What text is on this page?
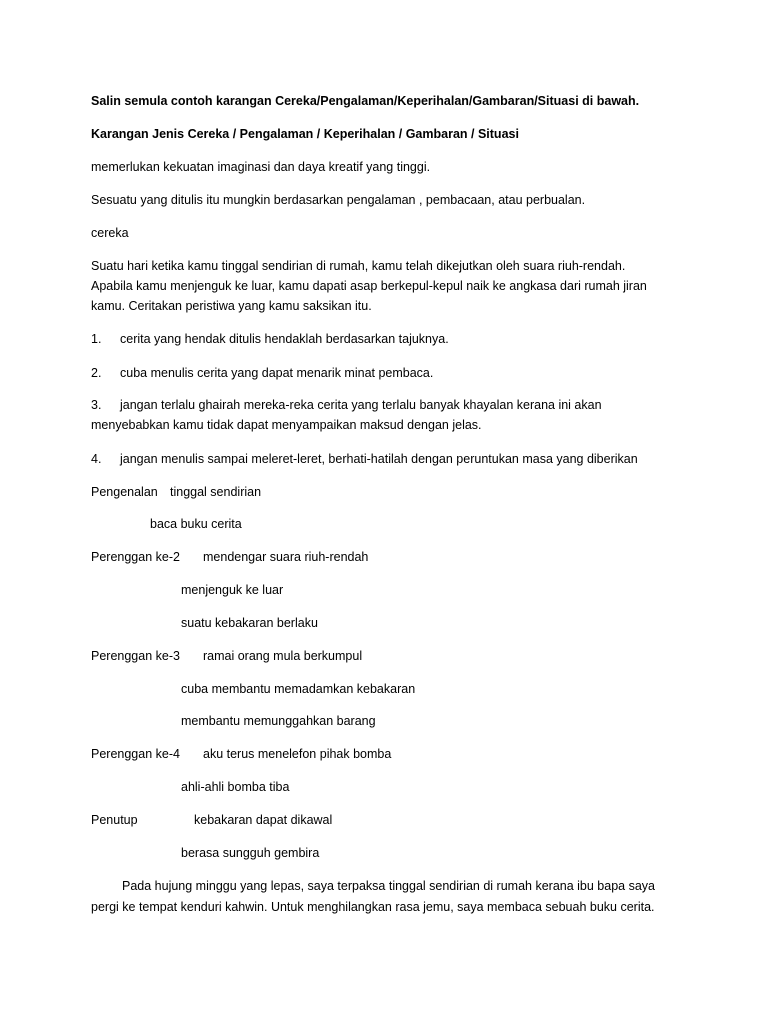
Salin semula contoh karangan Cereka/Pengalaman/Keperihalan/Gambaran/Situasi di bawah.
Karangan Jenis Cereka / Pengalaman / Keperihalan / Gambaran / Situasi
memerlukan kekuatan imaginasi dan daya kreatif yang tinggi.
Sesuatu yang ditulis itu mungkin berdasarkan pengalaman , pembacaan, atau perbualan.
cereka
Suatu hari ketika kamu tinggal sendirian di rumah, kamu telah dikejutkan oleh suara riuh-rendah.
Apabila kamu menjenguk ke luar, kamu dapati asap berkepul-kepul naik ke angkasa dari rumah jiran
kamu. Ceritakan peristiwa yang kamu saksikan itu.
1. cerita yang hendak ditulis hendaklah berdasarkan tajuknya.
2. cuba menulis cerita yang dapat menarik minat pembaca.
3. jangan terlalu ghairah mereka-reka cerita yang terlalu banyak khayalan kerana ini akan
menyebabkan kamu tidak dapat menyampaikan maksud dengan jelas.
4. jangan menulis sampai meleret-leret, berhati-hatilah dengan peruntukan masa yang diberikan
Pengenalan tinggal sendirian
baca buku cerita
Perenggan ke-2 mendengar suara riuh-rendah
menjenguk ke luar
suatu kebakaran berlaku
Perenggan ke-3 ramai orang mula berkumpul
cuba membantu memadamkan kebakaran
membantu memunggahkan barang
Perenggan ke-4 aku terus menelefon pihak bomba
ahli-ahli bomba tiba
Penutup	kebakaran dapat dikawal
berasa sungguh gembira
Pada hujung minggu yang lepas, saya terpaksa tinggal sendirian di rumah kerana ibu bapa saya
pergi ke tempat kenduri kahwin. Untuk menghilangkan rasa jemu, saya membaca sebuah buku cerita.
